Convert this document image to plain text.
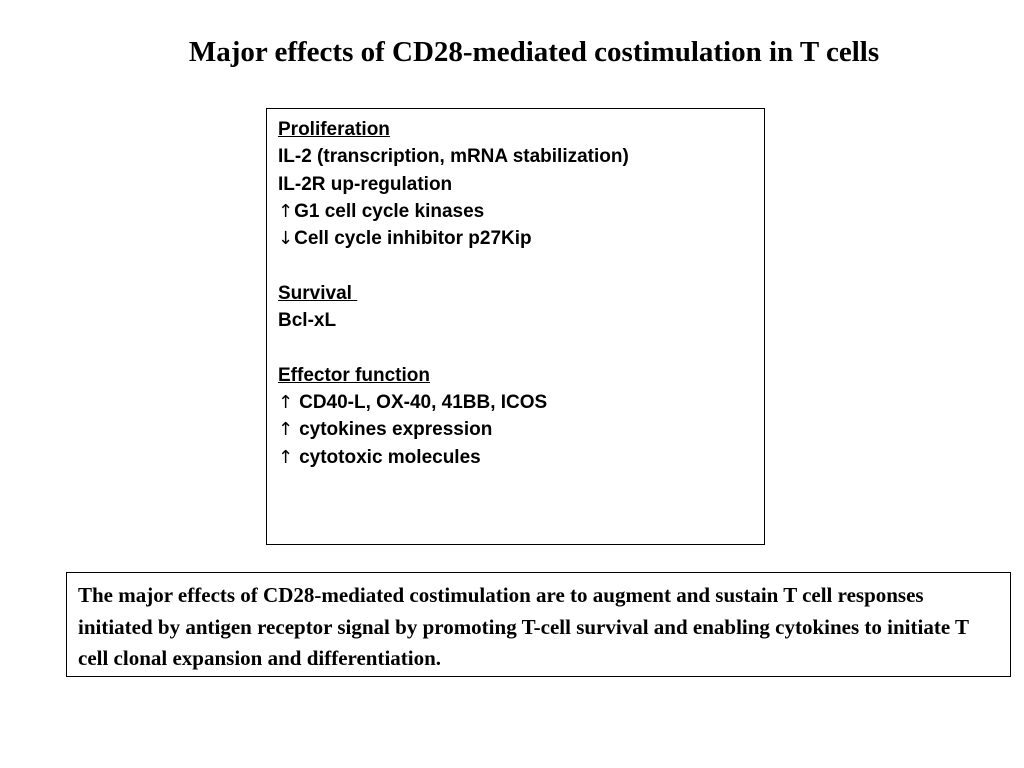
Major effects of CD28-mediated costimulation in T cells
Proliferation
IL-2 (transcription, mRNA stabilization)
IL-2R up-regulation
↑G1 cell cycle kinases
↓Cell cycle inhibitor p27Kip
Survival
Bcl-xL
Effector function
↑ CD40-L, OX-40, 41BB, ICOS
↑ cytokines expression
↑ cytotoxic molecules
The major effects of CD28-mediated costimulation are to augment and sustain T cell responses initiated by antigen receptor signal by promoting T-cell survival and enabling cytokines to initiate T cell clonal expansion and differentiation.
